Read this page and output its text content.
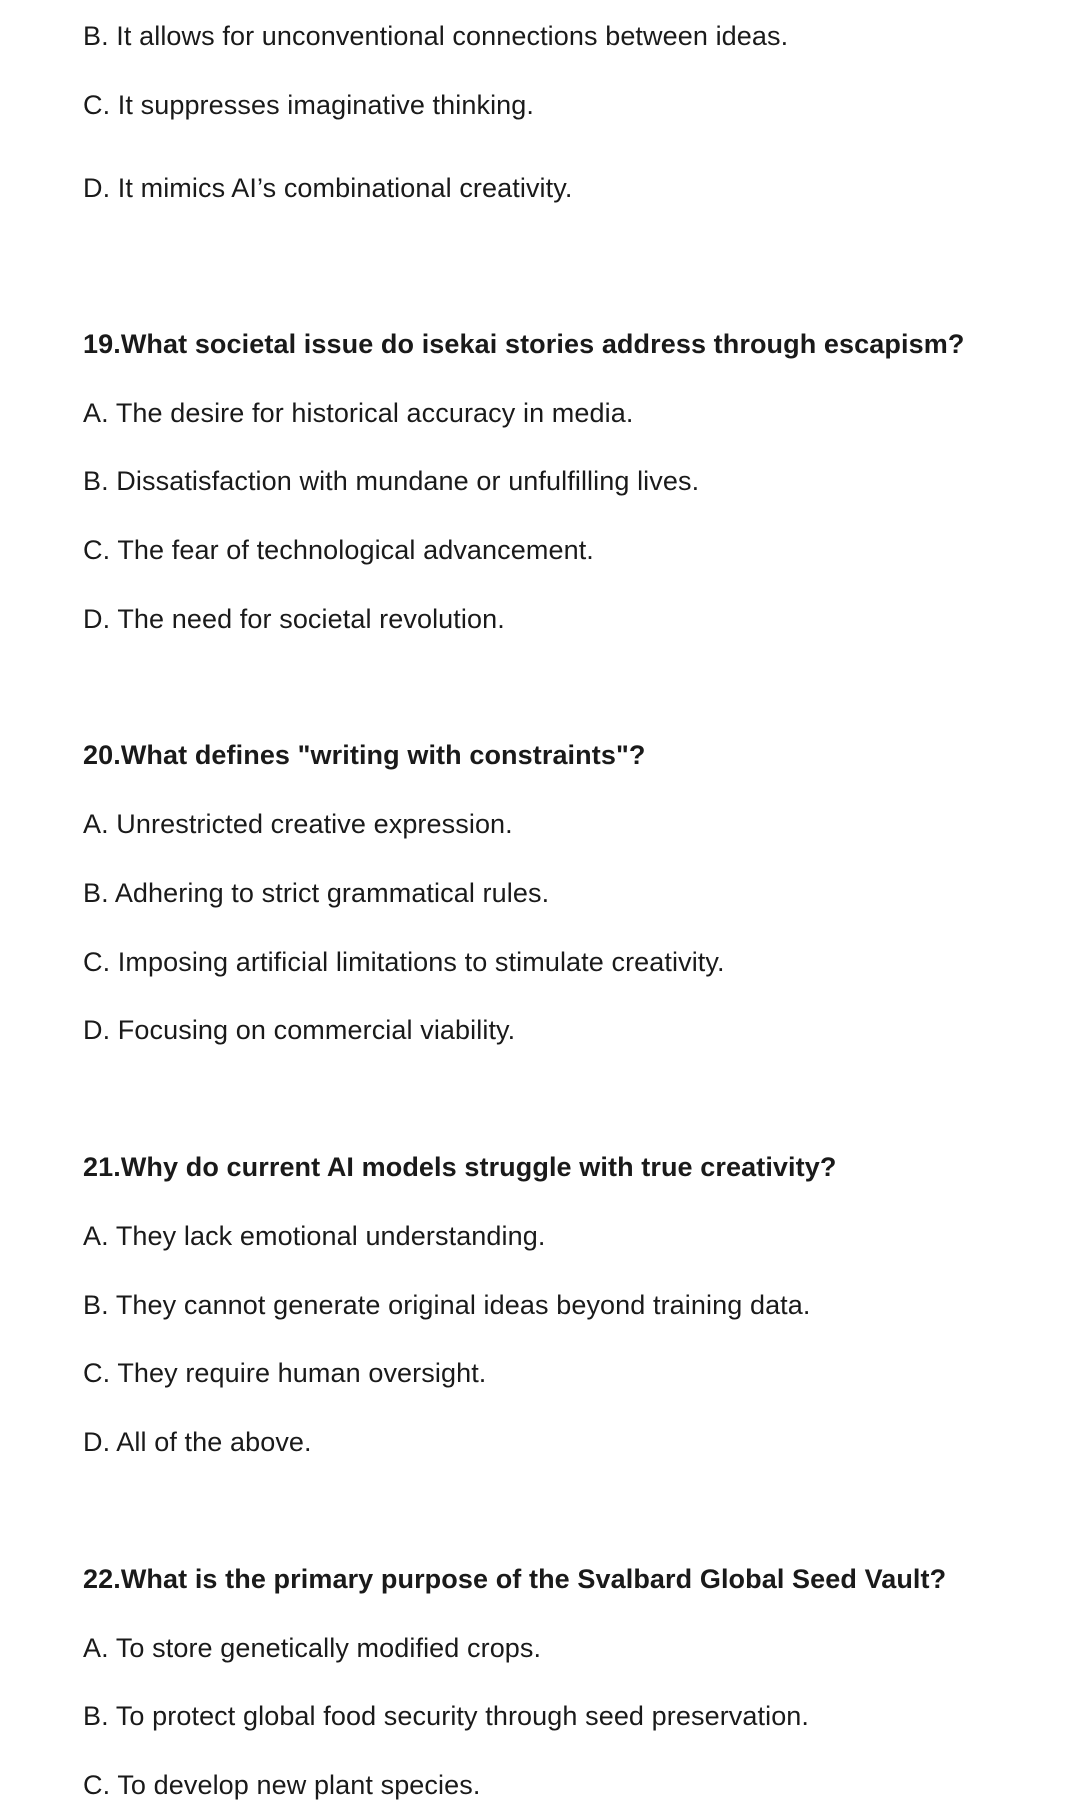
B. It allows for unconventional connections between ideas.
C. It suppresses imaginative thinking.
D. It mimics AI’s combinational creativity.
19.What societal issue do isekai stories address through escapism?
A. The desire for historical accuracy in media.
B. Dissatisfaction with mundane or unfulfilling lives.
C. The fear of technological advancement.
D. The need for societal revolution.
20.What defines "writing with constraints"?
A. Unrestricted creative expression.
B. Adhering to strict grammatical rules.
C. Imposing artificial limitations to stimulate creativity.
D. Focusing on commercial viability.
21.Why do current AI models struggle with true creativity?
A. They lack emotional understanding.
B. They cannot generate original ideas beyond training data.
C. They require human oversight.
D. All of the above.
22.What is the primary purpose of the Svalbard Global Seed Vault?
A. To store genetically modified crops.
B. To protect global food security through seed preservation.
C. To develop new plant species.
